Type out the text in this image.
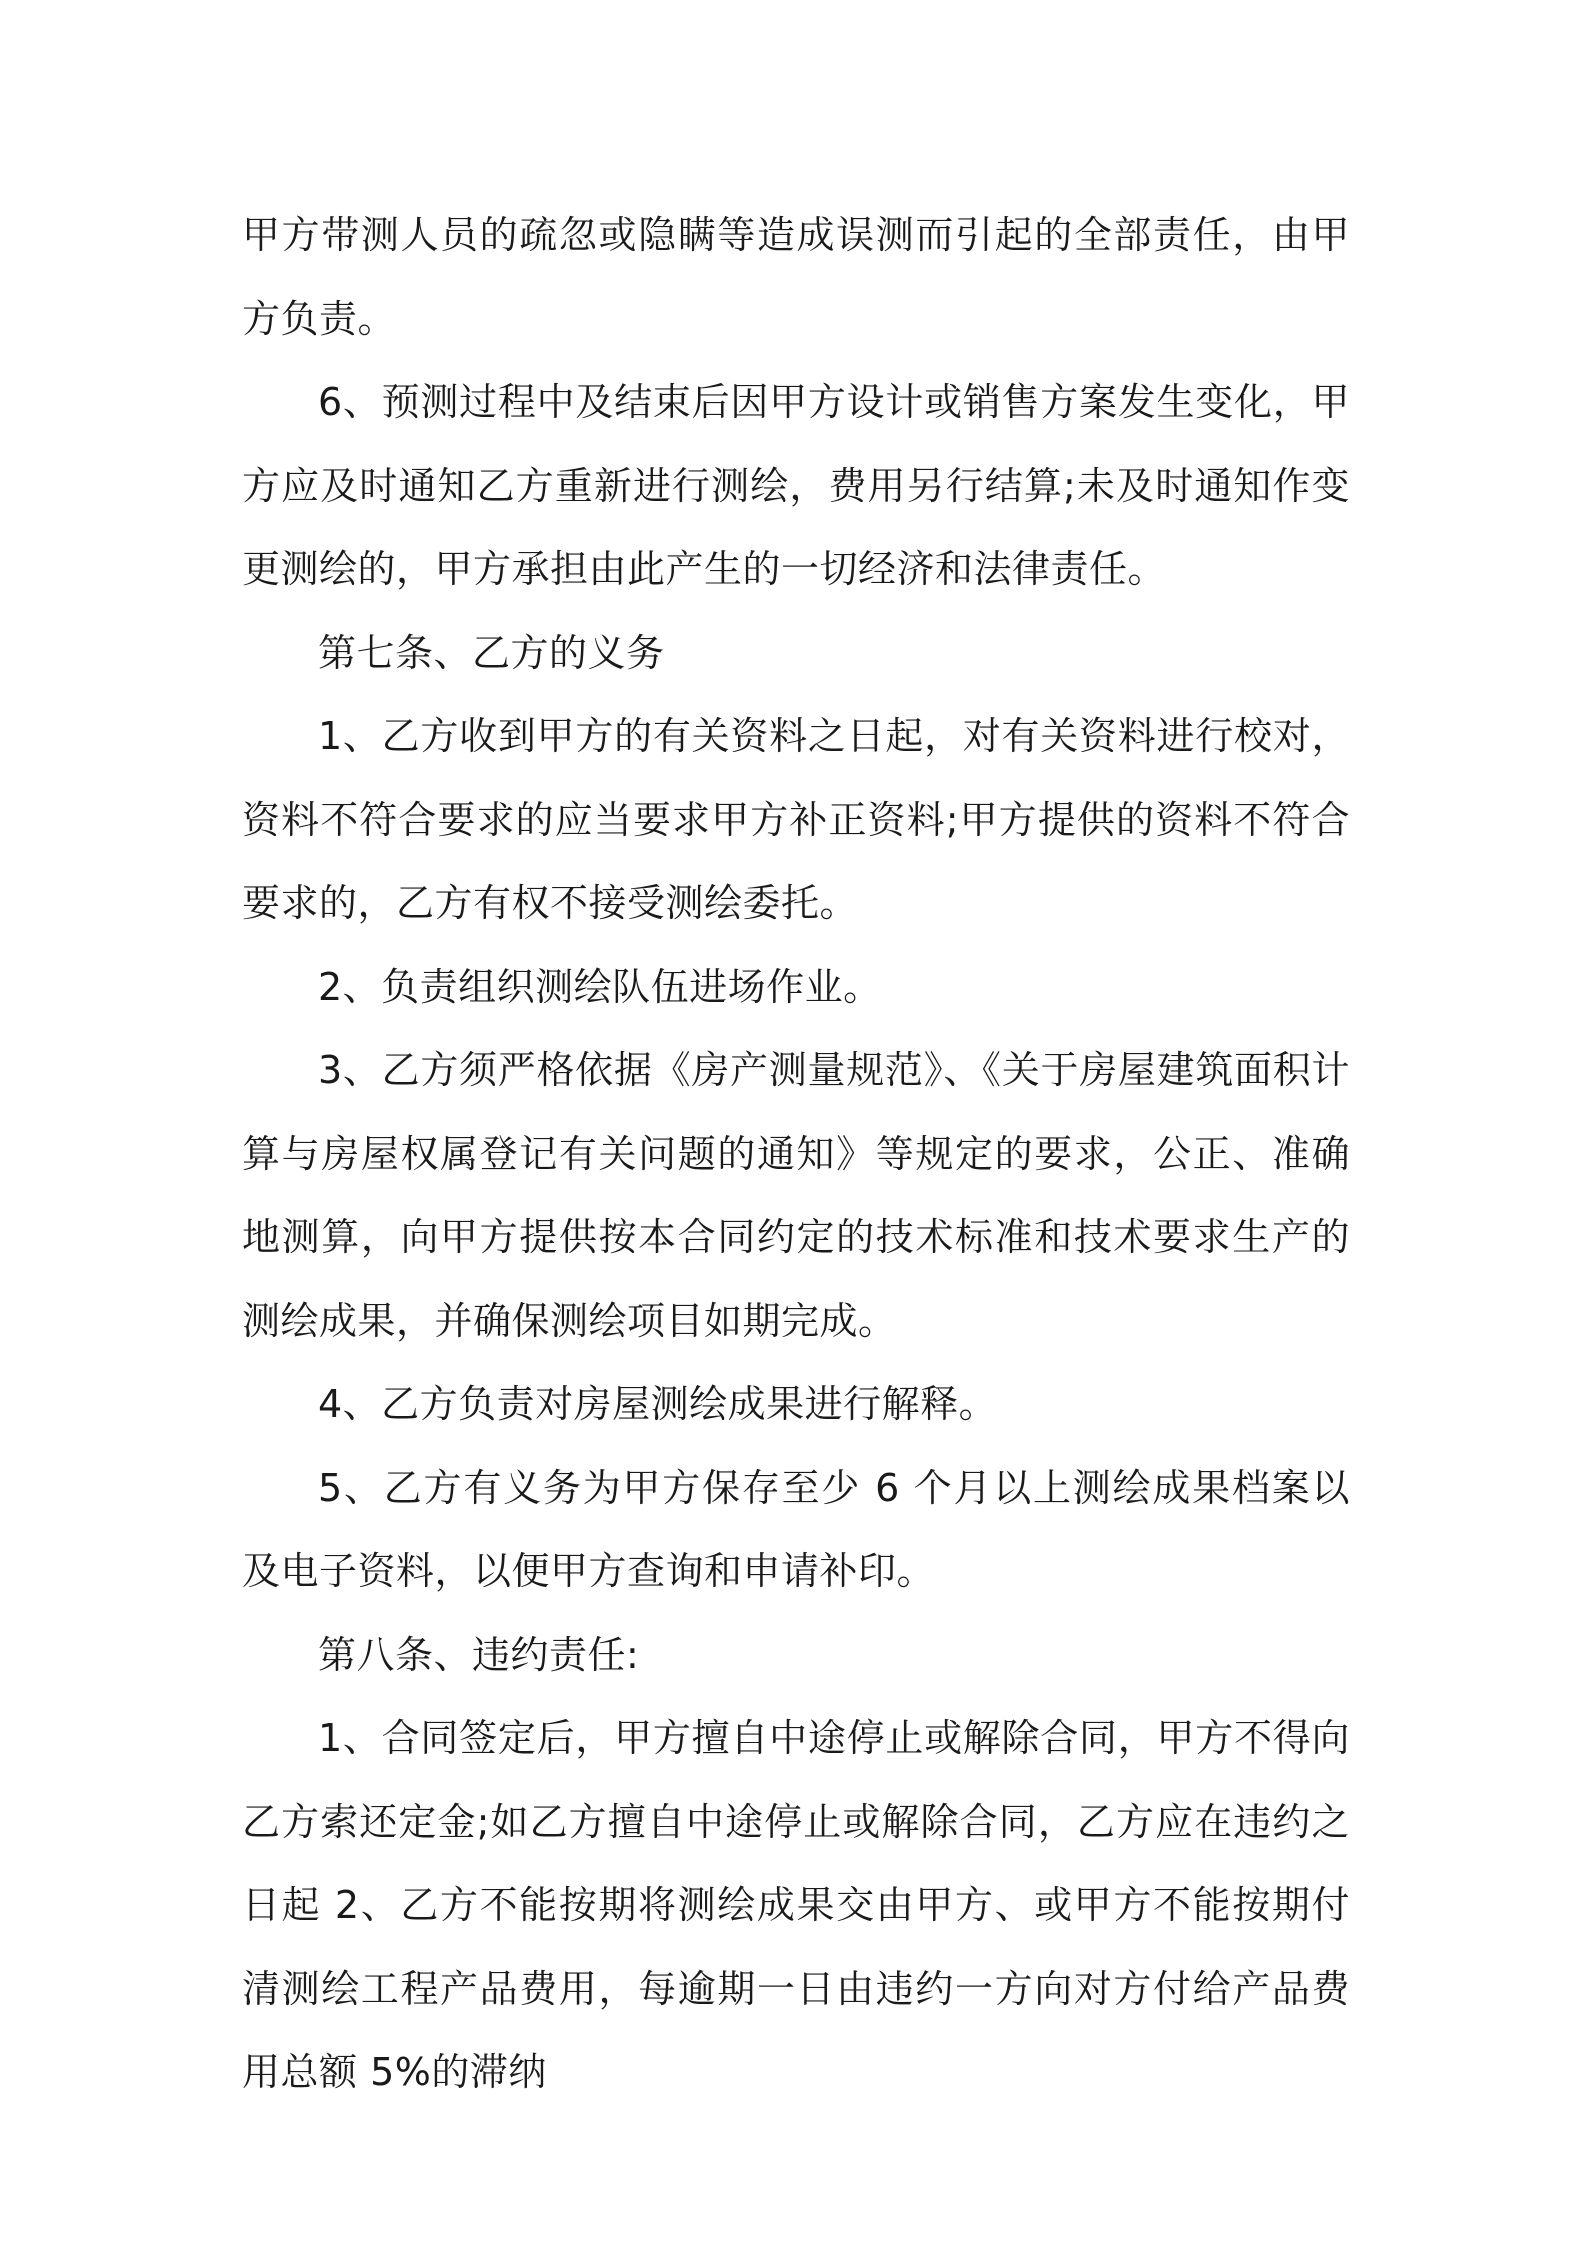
甲方带测人员的疏忽或隐瞒等造成误测而引起的全部责任，由甲方负责。

6、预测过程中及结束后因甲方设计或销售方案发生变化，甲方应及时通知乙方重新进行测绘，费用另行结算;未及时通知作变更测绘的，甲方承担由此产生的一切经济和法律责任。

第七条、乙方的义务

1、乙方收到甲方的有关资料之日起，对有关资料进行校对，资料不符合要求的应当要求甲方补正资料;甲方提供的资料不符合要求的，乙方有权不接受测绘委托。

2、负责组织测绘队伍进场作业。

3、乙方须严格依据《房产测量规范》、《关于房屋建筑面积计算与房屋权属登记有关问题的通知》等规定的要求，公正、准确地测算，向甲方提供按本合同约定的技术标准和技术要求生产的测绘成果，并确保测绘项目如期完成。

4、乙方负责对房屋测绘成果进行解释。

5、乙方有义务为甲方保存至少 6 个月以上测绘成果档案以及电子资料，以便甲方查询和申请补印。

第八条、违约责任:

1、合同签定后，甲方擅自中途停止或解除合同，甲方不得向乙方索还定金;如乙方擅自中途停止或解除合同，乙方应在违约之日起 2、乙方不能按期将测绘成果交由甲方、或甲方不能按期付清测绘工程产品费用，每逾期一日由违约一方向对方付给产品费用总额 5%的滞纳
